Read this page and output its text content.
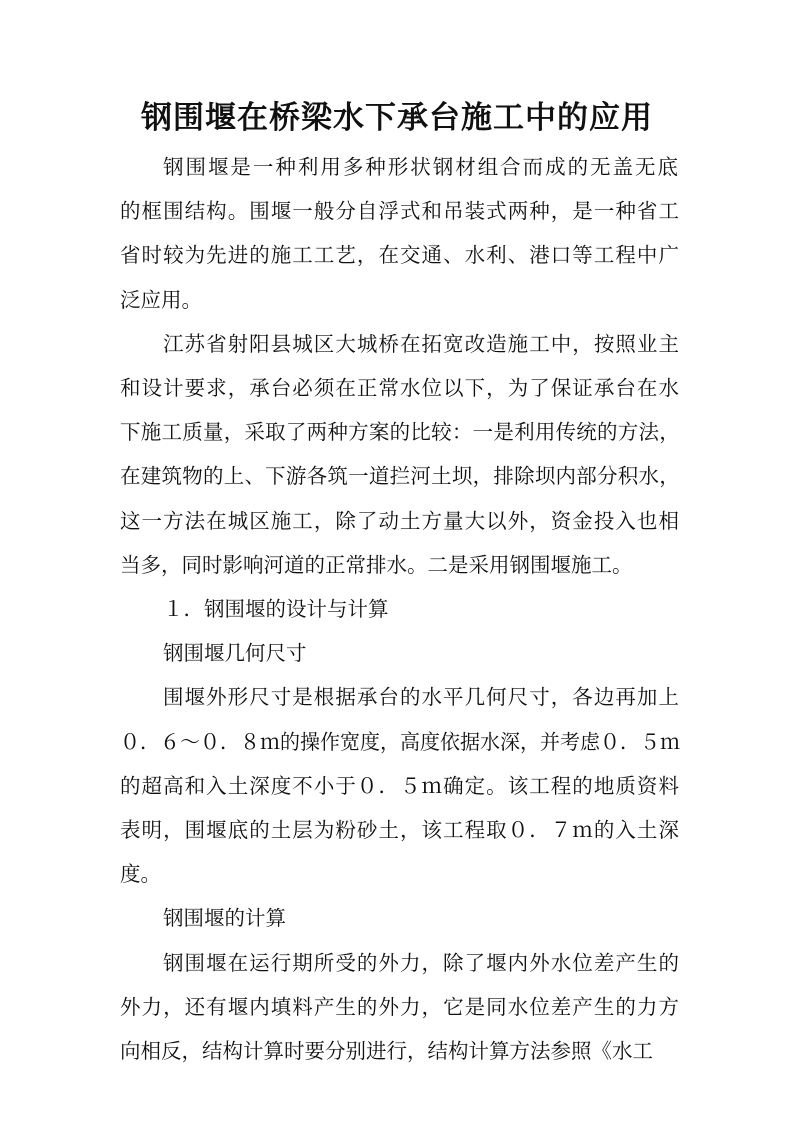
钢围堰在桥梁水下承台施工中的应用
钢围堰是一种利用多种形状钢材组合而成的无盖无底
的框围结构。围堰一般分自浮式和吊装式两种，是一种省工
省时较为先进的施工工艺，在交通、水利、港口等工程中广
泛应用。
江苏省射阳县城区大城桥在拓宽改造施工中，按照业主
和设计要求，承台必须在正常水位以下，为了保证承台在水
下施工质量，采取了两种方案的比较：一是利用传统的方法，
在建筑物的上、下游各筑一道拦河土坝，排除坝内部分积水，
这一方法在城区施工，除了动土方量大以外，资金投入也相
当多，同时影响河道的正常排水。二是采用钢围堰施工。
１．钢围堰的设计与计算
钢围堰几何尺寸
围堰外形尺寸是根据承台的水平几何尺寸，各边再加上
０．６～０．８ｍ的操作宽度，高度依据水深，并考虑０．５ｍ
的超高和入土深度不小于０．５ｍ确定。该工程的地质资料
表明，围堰底的土层为粉砂土，该工程取０．７ｍ的入土深
度。
钢围堰的计算
钢围堰在运行期所受的外力，除了堰内外水位差产生的
外力，还有堰内填料产生的外力，它是同水位差产生的力方
向相反，结构计算时要分别进行，结构计算方法参照《水工
